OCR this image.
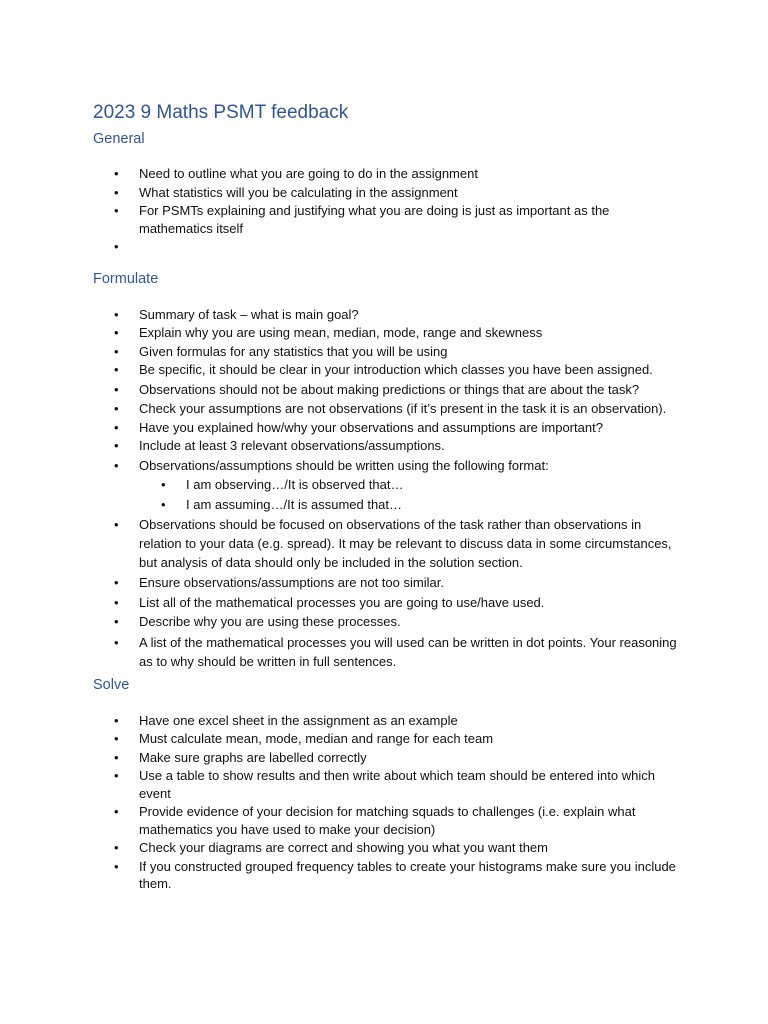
2023 9 Maths PSMT feedback
General
• Need to outline what you are going to do in the assignment
• What statistics will you be calculating in the assignment
• For PSMTs explaining and justifying what you are doing is just as important as the mathematics itself
•

Formulate
• Summary of task – what is main goal?
• Explain why you are using mean, median, mode, range and skewness
• Given formulas for any statistics that you will be using
• Be specific, it should be clear in your introduction which classes you have been assigned.
• Observations should not be about making predictions or things that are about the task?
• Check your assumptions are not observations (if it’s present in the task it is an observation).
• Have you explained how/why your observations and assumptions are important?
• Include at least 3 relevant observations/assumptions.
• Observations/assumptions should be written using the following format:
• I am observing…/It is observed that…
• I am assuming…/It is assumed that…
• Observations should be focused on observations of the task rather than observations in relation to your data (e.g. spread). It may be relevant to discuss data in some circumstances, but analysis of data should only be included in the solution section.
• Ensure observations/assumptions are not too similar.
• List all of the mathematical processes you are going to use/have used.
• Describe why you are using these processes.
• A list of the mathematical processes you will used can be written in dot points. Your reasoning as to why should be written in full sentences.
Solve
• Have one excel sheet in the assignment as an example
• Must calculate mean, mode, median and range for each team
• Make sure graphs are labelled correctly
• Use a table to show results and then write about which team should be entered into which event
• Provide evidence of your decision for matching squads to challenges (i.e. explain what mathematics you have used to make your decision)
• Check your diagrams are correct and showing you what you want them
• If you constructed grouped frequency tables to create your histograms make sure you include them.
